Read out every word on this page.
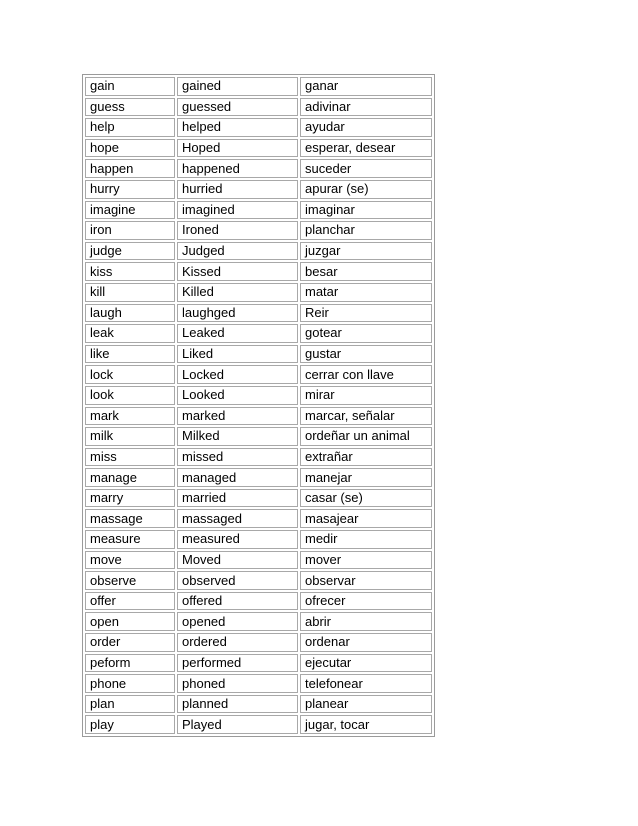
gain	gained	ganar
guess	guessed	adivinar
help	helped	ayudar
hope	Hoped	esperar, desear
happen	happened	suceder
hurry	hurried	apurar (se)
imagine	imagined	imaginar
iron	Ironed	planchar
judge	Judged	juzgar
kiss	Kissed	besar
kill	Killed	matar
laugh	laughged	Reir
leak	Leaked	gotear
like	Liked	gustar
lock	Locked	cerrar con llave
look	Looked	mirar
mark	marked	marcar, señalar
milk	Milked	ordeñar un animal
miss	missed	extrañar
manage	managed	manejar
marry	married	casar (se)
massage	massaged	masajear
measure	measured	medir
move	Moved	mover
observe	observed	observar
offer	offered	ofrecer
open	opened	abrir
order	ordered	ordenar
peform	performed	ejecutar
phone	phoned	telefonear
plan	planned	planear
play	Played	jugar, tocar
